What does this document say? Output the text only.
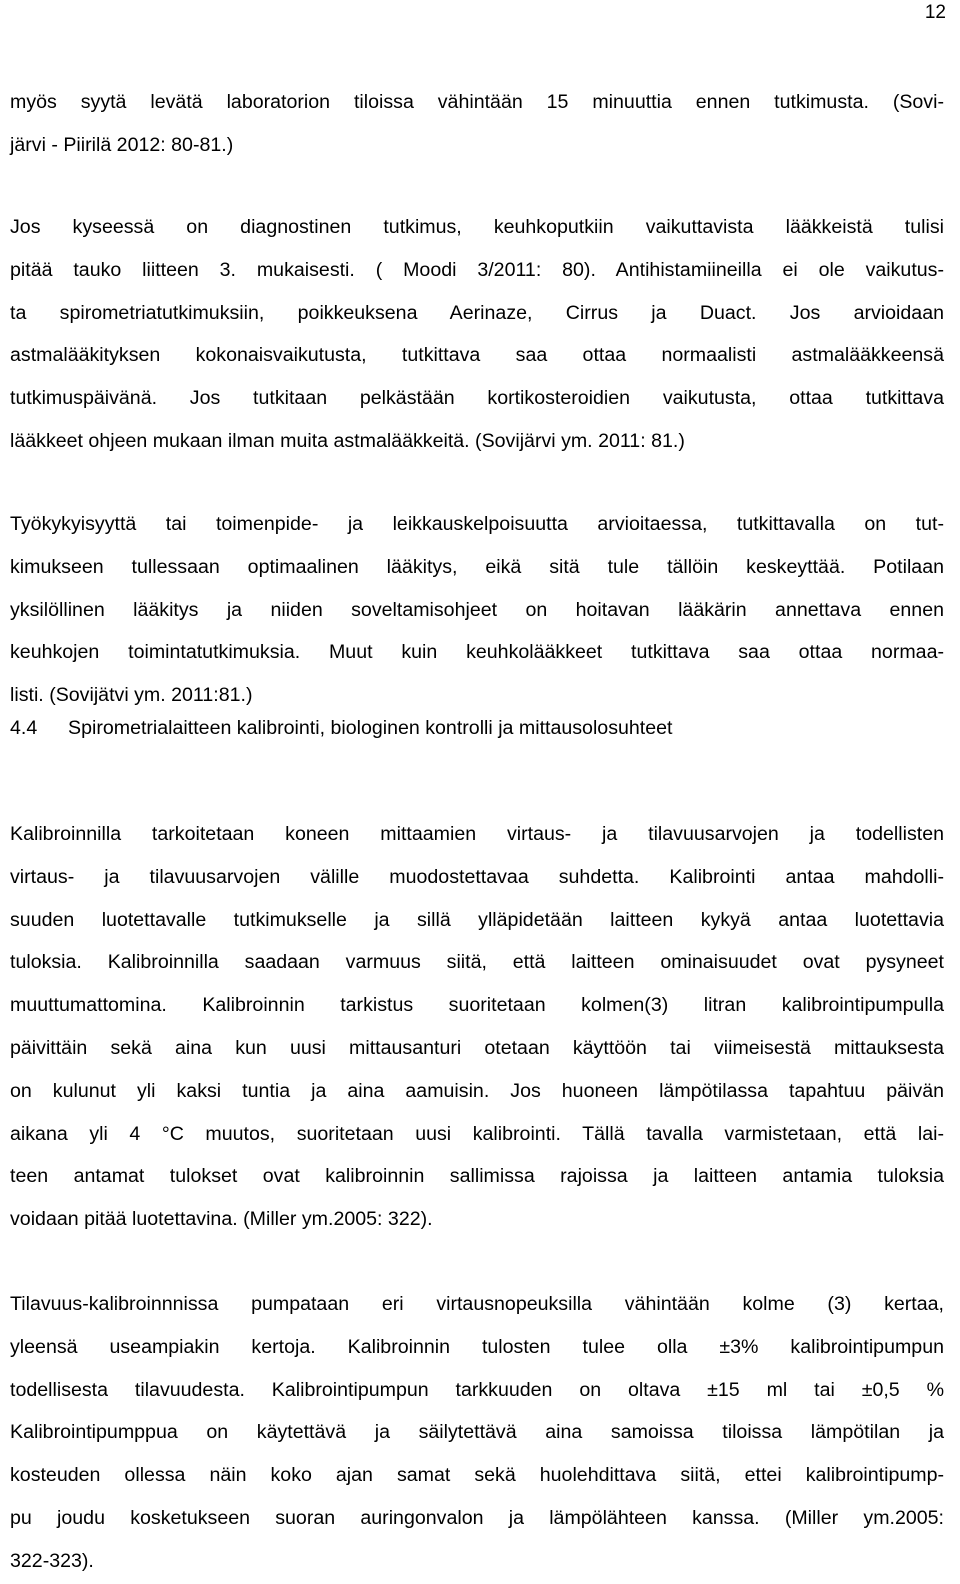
12
myös syytä levätä laboratorion tiloissa vähintään 15 minuuttia ennen tutkimusta. (Sovi-
järvi - Piirilä 2012: 80-81.)
Jos kyseessä on diagnostinen tutkimus, keuhkoputkiin vaikuttavista lääkkeistä tulisi
pitää tauko liitteen 3. mukaisesti. ( Moodi 3/2011: 80). Antihistamiineilla ei ole vaikutus-
ta spirometriatutkimuksiin, poikkeuksena Aerinaze, Cirrus ja Duact. Jos arvioidaan
astmalääkityksen kokonaisvaikutusta, tutkittava saa ottaa normaalisti astmalääkkeensä
tutkimuspäivänä. Jos tutkitaan pelkästään kortikosteroidien vaikutusta, ottaa tutkittava
lääkkeet ohjeen mukaan ilman muita astmalääkkeitä. (Sovijärvi ym. 2011: 81.)
Työkykyisyyttä tai toimenpide- ja leikkauskelpoisuutta arvioitaessa, tutkittavalla on tut-
kimukseen tullessaan optimaalinen lääkitys, eikä sitä tule tällöin keskeyttää. Potilaan
yksilöllinen lääkitys ja niiden soveltamisohjeet on hoitavan lääkärin annettava ennen
keuhkojen toimintatutkimuksia. Muut kuin keuhkolääkkeet tutkittava saa ottaa normaa-
listi. (Sovijätvi ym. 2011:81.)
4.4 Spirometrialaitteen kalibrointi, biologinen kontrolli ja mittausolosuhteet
Kalibroinnilla tarkoitetaan koneen mittaamien virtaus- ja tilavuusarvojen ja todellisten
virtaus- ja tilavuusarvojen välille muodostettavaa suhdetta. Kalibrointi antaa mahdolli-
suuden luotettavalle tutkimukselle ja sillä ylläpidetään laitteen kykyä antaa luotettavia
tuloksia. Kalibroinnilla saadaan varmuus siitä, että laitteen ominaisuudet ovat pysyneet
muuttumattomina. Kalibroinnin tarkistus suoritetaan kolmen(3) litran kalibrointipumpulla
päivittäin sekä aina kun uusi mittausanturi otetaan käyttöön tai viimeisestä mittauksesta
on kulunut yli kaksi tuntia ja aina aamuisin. Jos huoneen lämpötilassa tapahtuu päivän
aikana yli 4 °C muutos, suoritetaan uusi kalibrointi. Tällä tavalla varmistetaan, että lai-
teen antamat tulokset ovat kalibroinnin sallimissa rajoissa ja laitteen antamia tuloksia
voidaan pitää luotettavina. (Miller ym.2005: 322).
Tilavuus-kalibroinnnissa pumpataan eri virtausnopeuksilla vähintään kolme (3) kertaa,
yleensä useampiakin kertoja. Kalibroinnin tulosten tulee olla ±3% kalibrointipumpun
todellisesta tilavuudesta. Kalibrointipumpun tarkkuuden on oltava ±15 ml tai ±0,5 %
Kalibrointipumppua on käytettävä ja säilytettävä aina samoissa tiloissa lämpötilan ja
kosteuden ollessa näin koko ajan samat sekä huolehdittava siitä, ettei kalibrointipump-
pu joudu kosketukseen suoran auringonvalon ja lämpölähteen kanssa. (Miller ym.2005:
322-323).
